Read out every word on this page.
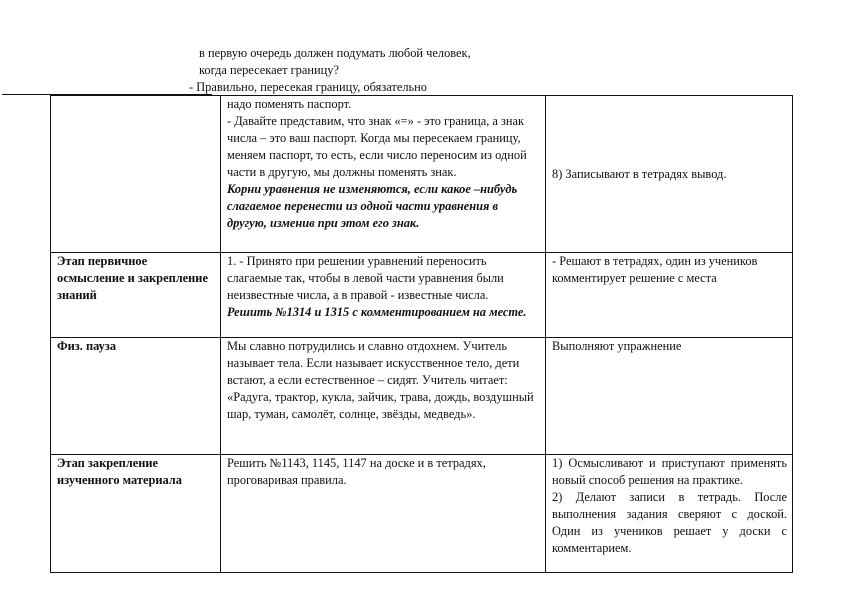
в первую очередь должен подумать любой человек,
когда пересекает границу?
- Правильно, пересекая границу, обязательно

	надо поменять паспорт.

- Давайте представим, что знак «=» - это граница, а знак числа – это ваш паспорт. Когда мы пересекаем границу, меняем паспорт, то есть, если число переносим из одной части в другую, мы должны поменять знак.

Корни уравнения не изменяются, если какое –нибудь слагаемое перенести из одной части уравнения в другую, изменив при этом его знак.	8) Записывают в тетрадях вывод.
Этап первичное осмысление и закрепление знаний	1. - Принято при решении уравнений переносить слагаемые так, чтобы в левой части уравнения были неизвестные числа, а в правой - известные числа.

Решить №1314 и 1315 с комментированием на месте.	- Решают в тетрадях, один из учеников комментирует решение с места
Физ. пауза	Мы славно потрудились и славно отдохнем. Учитель называет тела. Если называет искусственное тело, дети встают, а если естественное – сидят. Учитель читает: «Радуга, трактор, кукла, зайчик, трава, дождь, воздушный шар, туман, самолёт, солнце, звёзды, медведь».	Выполняют упражнение
Этап закрепление изученного материала	Решить №1143, 1145, 1147 на доске и в тетрадях, проговаривая правила.	1) Осмысливают и приступают применять новый способ решения на практике.

2) Делают записи в тетрадь. После выполнения задания сверяют с доской. Один из учеников решает у доски с комментарием.
